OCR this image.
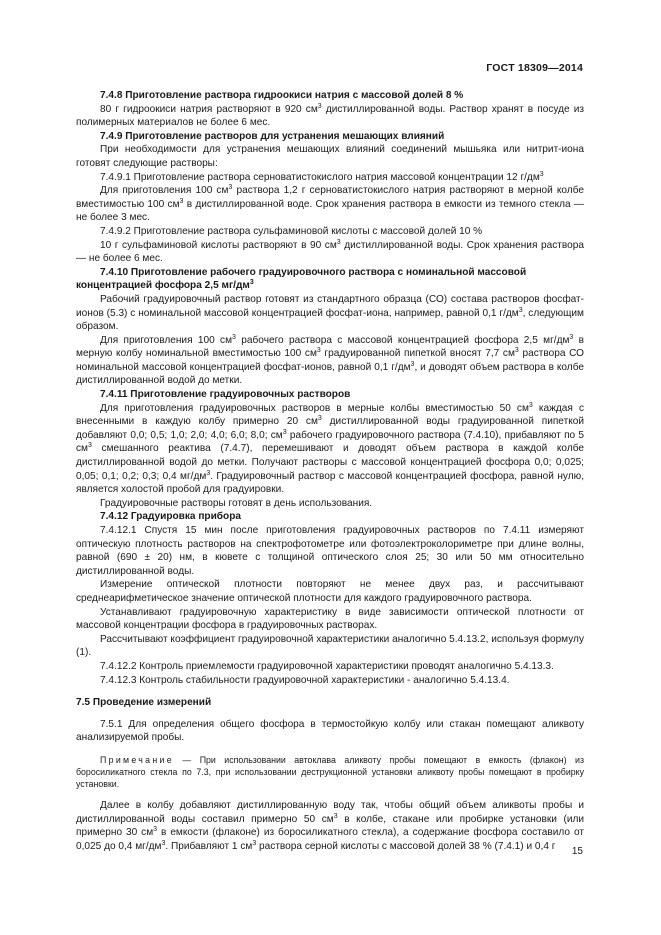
ГОСТ 18309—2014

7.4.8 Приготовление раствора гидроокиси натрия с массовой долей 8 %

80 г гидроокиси натрия растворяют в 920 $см^3$ дистиллированной воды. Раствор хранят в посуде из полимерных материалов не более 6 мес.

7.4.9 Приготовление растворов для устранения мешающих влияний

При необходимости для устранения мешающих влияний соединений мышьяка или нитрит-иона готовят следующие растворы:

7.4.9.1 Приготовление раствора серноватистокислого натрия массовой концентрации 12 $г/дм^3$

Для приготовления 100 $см^3$ раствора 1,2 г серноватистокислого натрия растворяют в мерной колбе вместимостью 100 $см^3$ в дистиллированной воде. Срок хранения раствора в емкости из темного стекла — не более 3 мес.

7.4.9.2 Приготовление раствора сульфаминовой кислоты с массовой долей 10 %

10 г сульфаминовой кислоты растворяют в 90 $см^3$ дистиллированной воды. Срок хранения раствора — не более 6 мес.

7.4.10 Приготовление рабочего градуировочного раствора с номинальной массовой концентрацией фосфора 2,5 $мг/дм^3$

Рабочий градуировочный раствор готовят из стандартного образца (СО) состава растворов фосфат-ионов (5.3) с номинальной массовой концентрацией фосфат-иона, например, равной 0,1 $г/дм^3$, следующим образом.

Для приготовления 100 $см^3$ рабочего раствора с массовой концентрацией фосфора 2,5 $мг/дм^3$ в мерную колбу номинальной вместимостью 100 $см^3$ градуированной пипеткой вносят 7,7 $см^3$ раствора СО номинальной массовой концентрацией фосфат-ионов, равной 0,1 $г/дм^3$, и доводят объем раствора в колбе дистиллированной водой до метки.

7.4.11 Приготовление градуировочных растворов

Для приготовления градуировочных растворов в мерные колбы вместимостью 50 $см^3$ каждая с внесенными в каждую колбу примерно 20 $см^3$ дистиллированной воды градуированной пипеткой добавляют 0,0; 0,5; 1,0; 2,0; 4,0; 6,0; 8,0; $см^3$ рабочего градуировочного раствора (7.4.10), прибавляют по 5 $см^3$ смешанного реактива (7.4.7), перемешивают и доводят объем раствора в каждой колбе дистиллированной водой до метки. Получают растворы с массовой концентрацией фосфора 0,0; 0,025; 0,05; 0,1; 0,2; 0,3; 0,4 $мг/дм^3$. Градуировочный раствор с массовой концентрацией фосфора, равной нулю, является холостой пробой для градуировки.

Градуировочные растворы готовят в день использования.

7.4.12 Градуировка прибора

7.4.12.1 Спустя 15 мин после приготовления градуировочных растворов по 7.4.11 измеряют оптическую плотность растворов на спектрофотометре или фотоэлектроколориметре при длине волны, равной (690 ± 20) нм, в кювете с толщиной оптического слоя 25; 30 или 50 мм относительно дистиллированной воды.

Измерение оптической плотности повторяют не менее двух раз, и рассчитывают среднеарифметическое значение оптической плотности для каждого градуировочного раствора.

Устанавливают градуировочную характеристику в виде зависимости оптической плотности от массовой концентрации фосфора в градуировочных растворах.

Рассчитывают коэффициент градуировочной характеристики аналогично 5.4.13.2, используя формулу (1).

7.4.12.2 Контроль приемлемости градуировочной характеристики проводят аналогично 5.4.13.3.

7.4.12.3 Контроль стабильности градуировочной характеристики - аналогично 5.4.13.4.

7.5 Проведение измерений

7.5.1 Для определения общего фосфора в термостойкую колбу или стакан помещают аликвоту анализируемой пробы.

Примечание — При использовании автоклава аликвоту пробы помещают в емкость (флакон) из боросиликатного стекла по 7.3, при использовании деструкционной установки аликвоту пробы помещают в пробирку установки.

Далее в колбу добавляют дистиллированную воду так, чтобы общий объем аликвоты пробы и дистиллированной воды составил примерно 50 $см^3$ в колбе, стакане или пробирке установки (или примерно 30 $см^3$ в емкости (флаконе) из боросиликатного стекла), а содержание фосфора составило от 0,025 до 0,4 $мг/дм^3$. Прибавляют 1 $см^3$ раствора серной кислоты с массовой долей 38 % (7.4.1) и 0,4 г	15
